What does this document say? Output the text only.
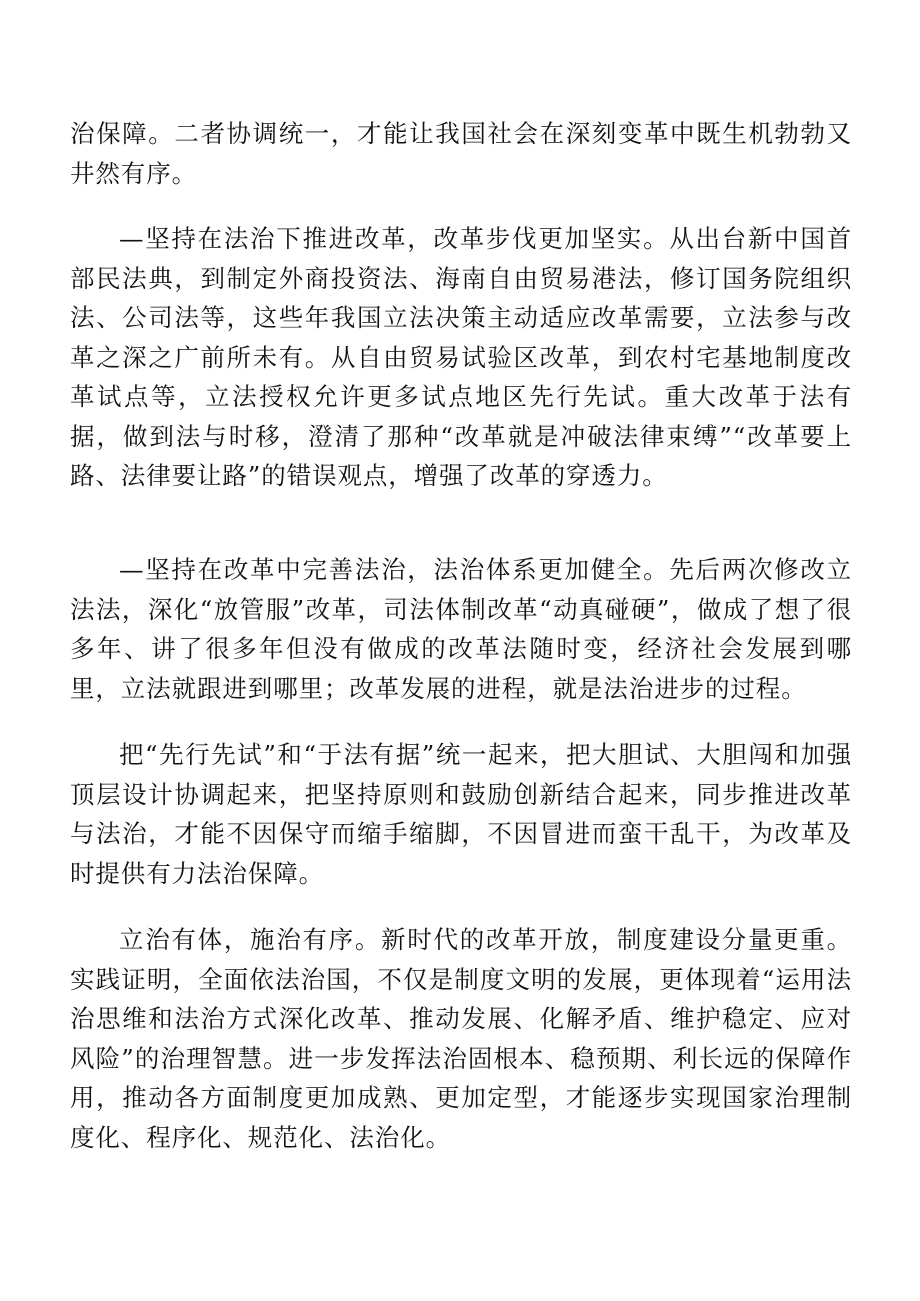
治保障。二者协调统一，才能让我国社会在深刻变革中既生机勃勃又井然有序。

—坚持在法治下推进改革，改革步伐更加坚实。从出台新中国首部民法典，到制定外商投资法、海南自由贸易港法，修订国务院组织法、公司法等，这些年我国立法决策主动适应改革需要，立法参与改革之深之广前所未有。从自由贸易试验区改革，到农村宅基地制度改革试点等，立法授权允许更多试点地区先行先试。重大改革于法有据，做到法与时移，澄清了那种“改革就是冲破法律束缚”“改革要上路、法律要让路”的错误观点，增强了改革的穿透力。

—坚持在改革中完善法治，法治体系更加健全。先后两次修改立法法，深化“放管服”改革，司法体制改革“动真碰硬”，做成了想了很多年、讲了很多年但没有做成的改革法随时变，经济社会发展到哪里，立法就跟进到哪里；改革发展的进程，就是法治进步的过程。

把“先行先试”和“于法有据”统一起来，把大胆试、大胆闯和加强顶层设计协调起来，把坚持原则和鼓励创新结合起来，同步推进改革与法治，才能不因保守而缩手缩脚，不因冒进而蛮干乱干，为改革及时提供有力法治保障。

立治有体，施治有序。新时代的改革开放，制度建设分量更重。实践证明，全面依法治国，不仅是制度文明的发展，更体现着“运用法治思维和法治方式深化改革、推动发展、化解矛盾、维护稳定、应对风险”的治理智慧。进一步发挥法治固根本、稳预期、利长远的保障作用，推动各方面制度更加成熟、更加定型，才能逐步实现国家治理制度化、程序化、规范化、法治化。
